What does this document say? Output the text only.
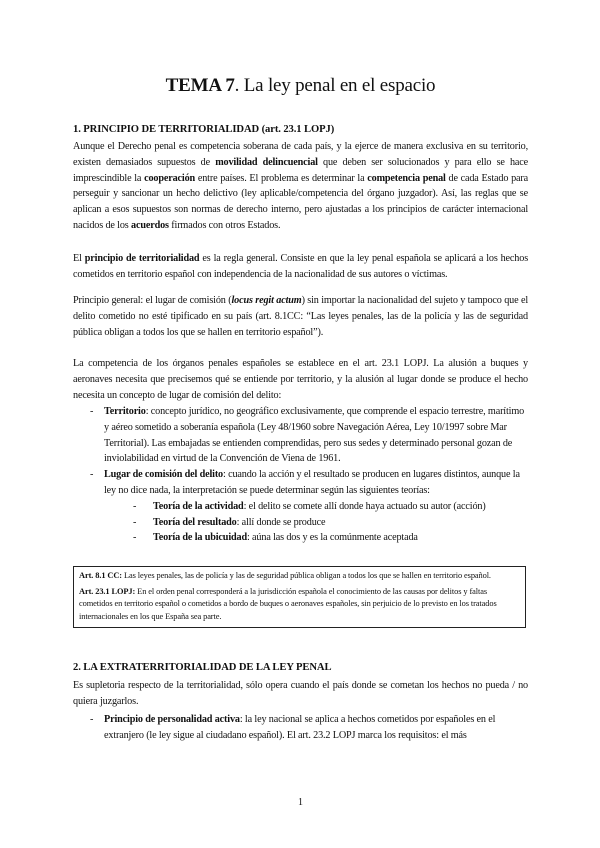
TEMA 7. La ley penal en el espacio
1. PRINCIPIO DE TERRITORIALIDAD (art. 23.1 LOPJ)
Aunque el Derecho penal es competencia soberana de cada país, y la ejerce de manera exclusiva en su territorio, existen demasiados supuestos de movilidad delincuencial que deben ser solucionados y para ello se hace imprescindible la cooperación entre países. El problema es determinar la competencia penal de cada Estado para perseguir y sancionar un hecho delictivo (ley aplicable/competencia del órgano juzgador). Así, las reglas que se aplican a esos supuestos son normas de derecho interno, pero ajustadas a los principios de carácter internacional nacidos de los acuerdos firmados con otros Estados.
El principio de territorialidad es la regla general. Consiste en que la ley penal española se aplicará a los hechos cometidos en territorio español con independencia de la nacionalidad de sus autores o víctimas.
Principio general: el lugar de comisión (locus regit actum) sin importar la nacionalidad del sujeto y tampoco que el delito cometido no esté tipificado en su país (art. 8.1CC: “Las leyes penales, las de la policía y las de seguridad pública obligan a todos los que se hallen en territorio español”).
La competencia de los órganos penales españoles se establece en el art. 23.1 LOPJ. La alusión a buques y aeronaves necesita que precisemos qué se entiende por territorio, y la alusión al lugar donde se produce el hecho necesita un concepto de lugar de comisión del delito:
- Territorio: concepto jurídico, no geográfico exclusivamente, que comprende el espacio terrestre, marítimo y aéreo sometido a soberanía española (Ley 48/1960 sobre Navegación Aérea, Ley 10/1997 sobre Mar Territorial). Las embajadas se entienden comprendidas, pero sus sedes y determinado personal gozan de inviolabilidad en virtud de la Convención de Viena de 1961.
- Lugar de comisión del delito: cuando la acción y el resultado se producen en lugares distintos, aunque la ley no dice nada, la interpretación se puede determinar según las siguientes teorías:
- Teoría de la actividad: el delito se comete allí donde haya actuado su autor (acción)
- Teoría del resultado: allí donde se produce
- Teoría de la ubicuidad: aúna las dos y es la comúnmente aceptada

Art. 8.1 CC: Las leyes penales, las de policía y las de seguridad pública obligan a todos los que se hallen en territorio español.

Art. 23.1 LOPJ: En el orden penal corresponderá a la jurisdicción española el conocimiento de las causas por delitos y faltas cometidos en territorio español o cometidos a bordo de buques o aeronaves españoles, sin perjuicio de lo previsto en los tratados internacionales en los que España sea parte.

2. LA EXTRATERRITORIALIDAD DE LA LEY PENAL
Es supletoria respecto de la territorialidad, sólo opera cuando el país donde se cometan los hechos no pueda / no quiera juzgarlos.
- Principio de personalidad activa: la ley nacional se aplica a hechos cometidos por españoles en el extranjero (le ley sigue al ciudadano español). El art. 23.2 LOPJ marca los requisitos: el más
1
